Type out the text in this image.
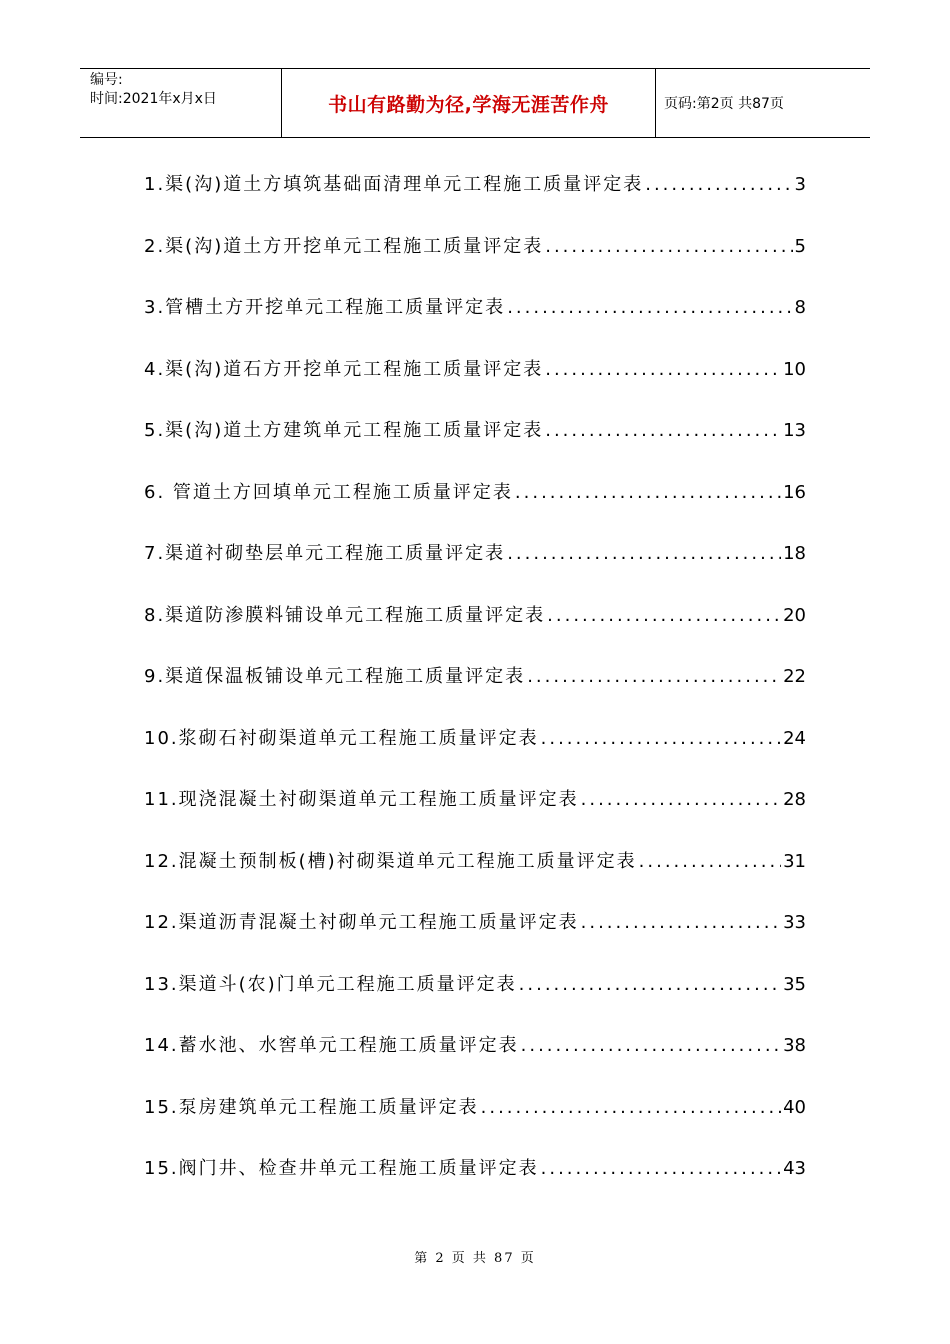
编号:
时间:2021年x月x日	书山有路勤为径,学海无涯苦作舟	页码:第2页 共87页
1.渠(沟)道土方填筑基础面清理单元工程施工质量评定表 .....	3
2.渠(沟)道土方开挖单元工程施工质量评定表 .....	5
3.管槽土方开挖单元工程施工质量评定表 .....	8
4.渠(沟)道石方开挖单元工程施工质量评定表 .....	10
5.渠(沟)道土方建筑单元工程施工质量评定表 .....	13
6. 管道土方回填单元工程施工质量评定表 .....	16
7.渠道衬砌垫层单元工程施工质量评定表 .....	18
8.渠道防渗膜料铺设单元工程施工质量评定表 .....	20
9.渠道保温板铺设单元工程施工质量评定表 .....	22
10.浆砌石衬砌渠道单元工程施工质量评定表 .....	24
11.现浇混凝土衬砌渠道单元工程施工质量评定表 .....	28
12.混凝土预制板(槽)衬砌渠道单元工程施工质量评定表 .....	31
12.渠道沥青混凝土衬砌单元工程施工质量评定表 .....	33
13.渠道斗(农)门单元工程施工质量评定表 .....	35
14.蓄水池、水窖单元工程施工质量评定表 .....	38
15.泵房建筑单元工程施工质量评定表 .....	40
15.阀门井、检查井单元工程施工质量评定表 .....	43
第 2 页 共 87 页
